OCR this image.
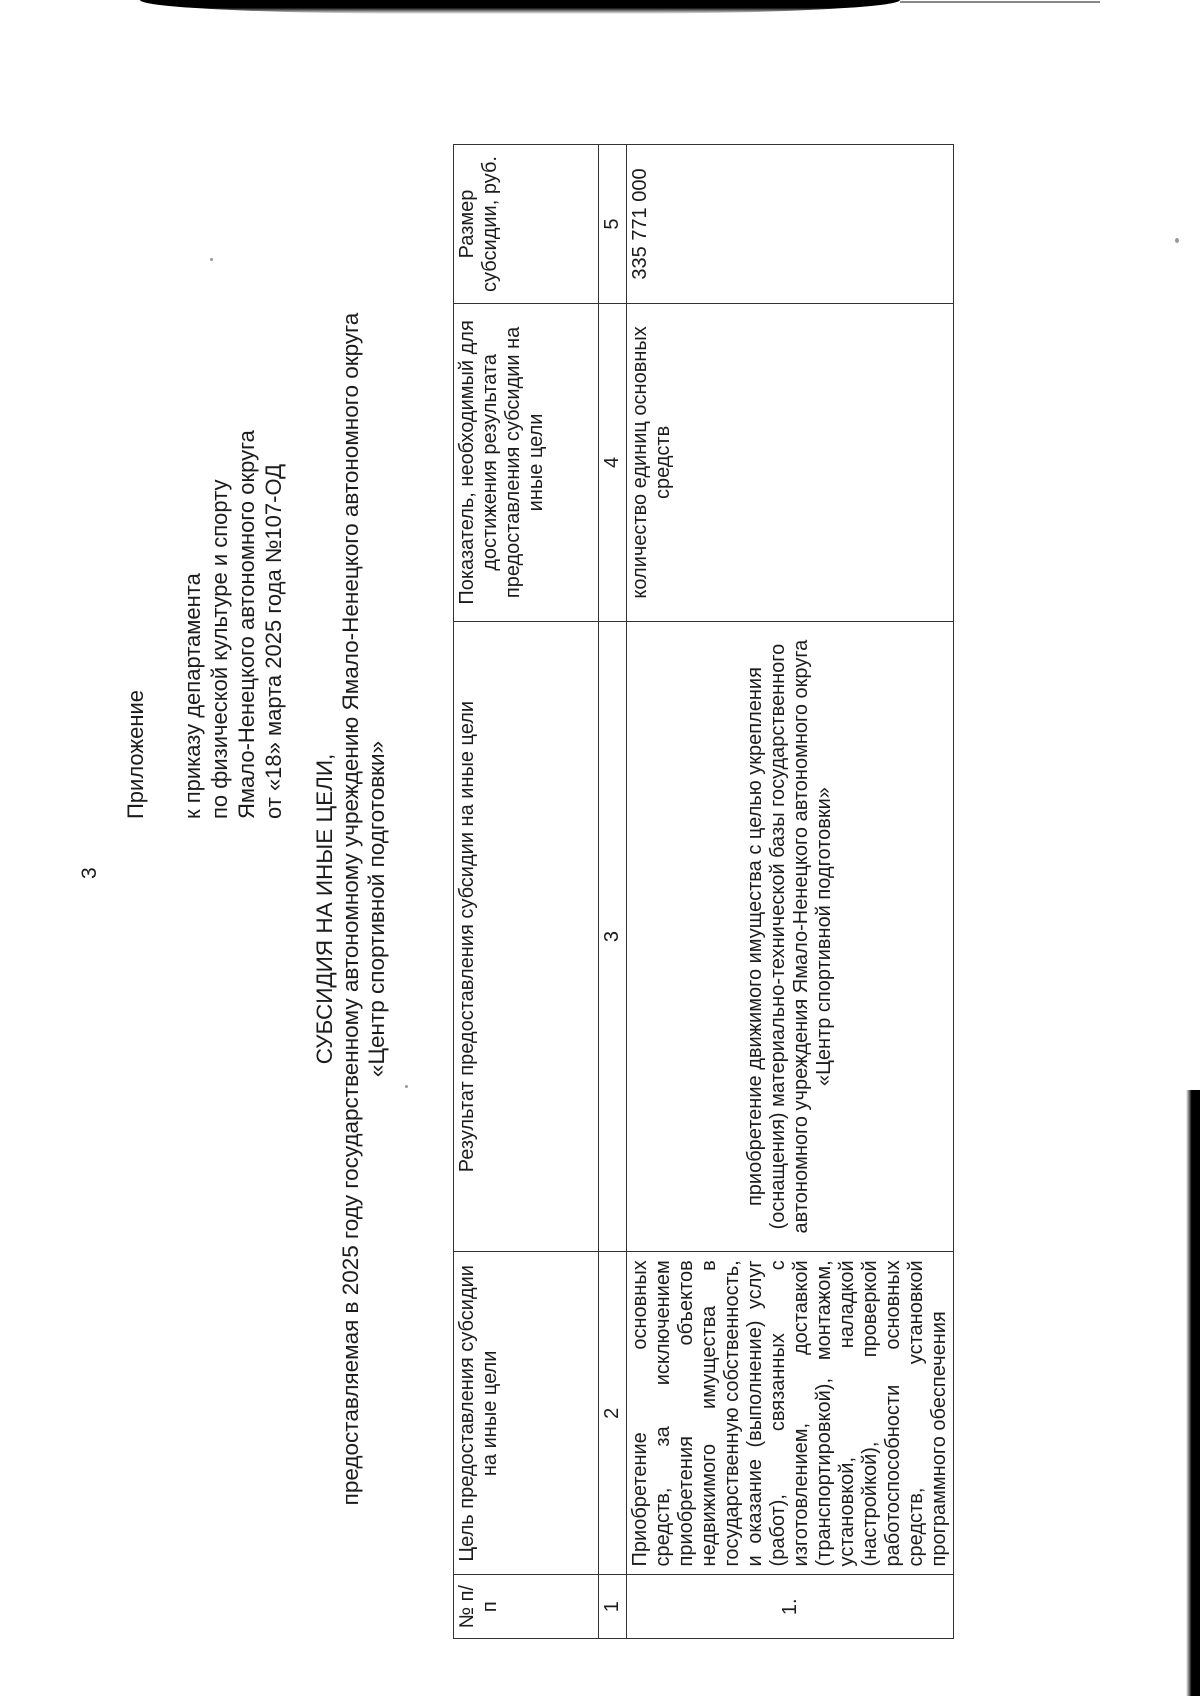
3
Приложение к приказу департамента по физической культуре и спорту Ямало-Ненецкого автономного округа от «18» марта 2025 года №107-ОД
СУБСИДИЯ НА ИНЫЕ ЦЕЛИ, предоставляемая в 2025 году государственному автономному учреждению Ямало-Ненецкого автономного округа «Центр спортивной подготовки»
№ п/п	Цель предоставления субсидии на иные цели	Результат предоставления субсидии на иные цели	Показатель, необходимый для достижения результата предоставления субсидии на иные цели	Размер субсидии, руб.
1	2	3	4	5
1.	Приобретение основных средств, за исключением приобретения объектов недвижимого имущества в государственную собственность, и оказание (выполнение) услуг (работ), связанных с изготовлением, доставкой (транспортировкой), монтажом, установкой, наладкой (настройкой), проверкой работоспособности основных средств, установкой программного обеспечения	приобретение движимого имущества с целью укрепления (оснащения) материально-технической базы государственного автономного учреждения Ямало-Ненецкого автономного округа «Центр спортивной подготовки»	количество единиц основных средств	335 771 000
